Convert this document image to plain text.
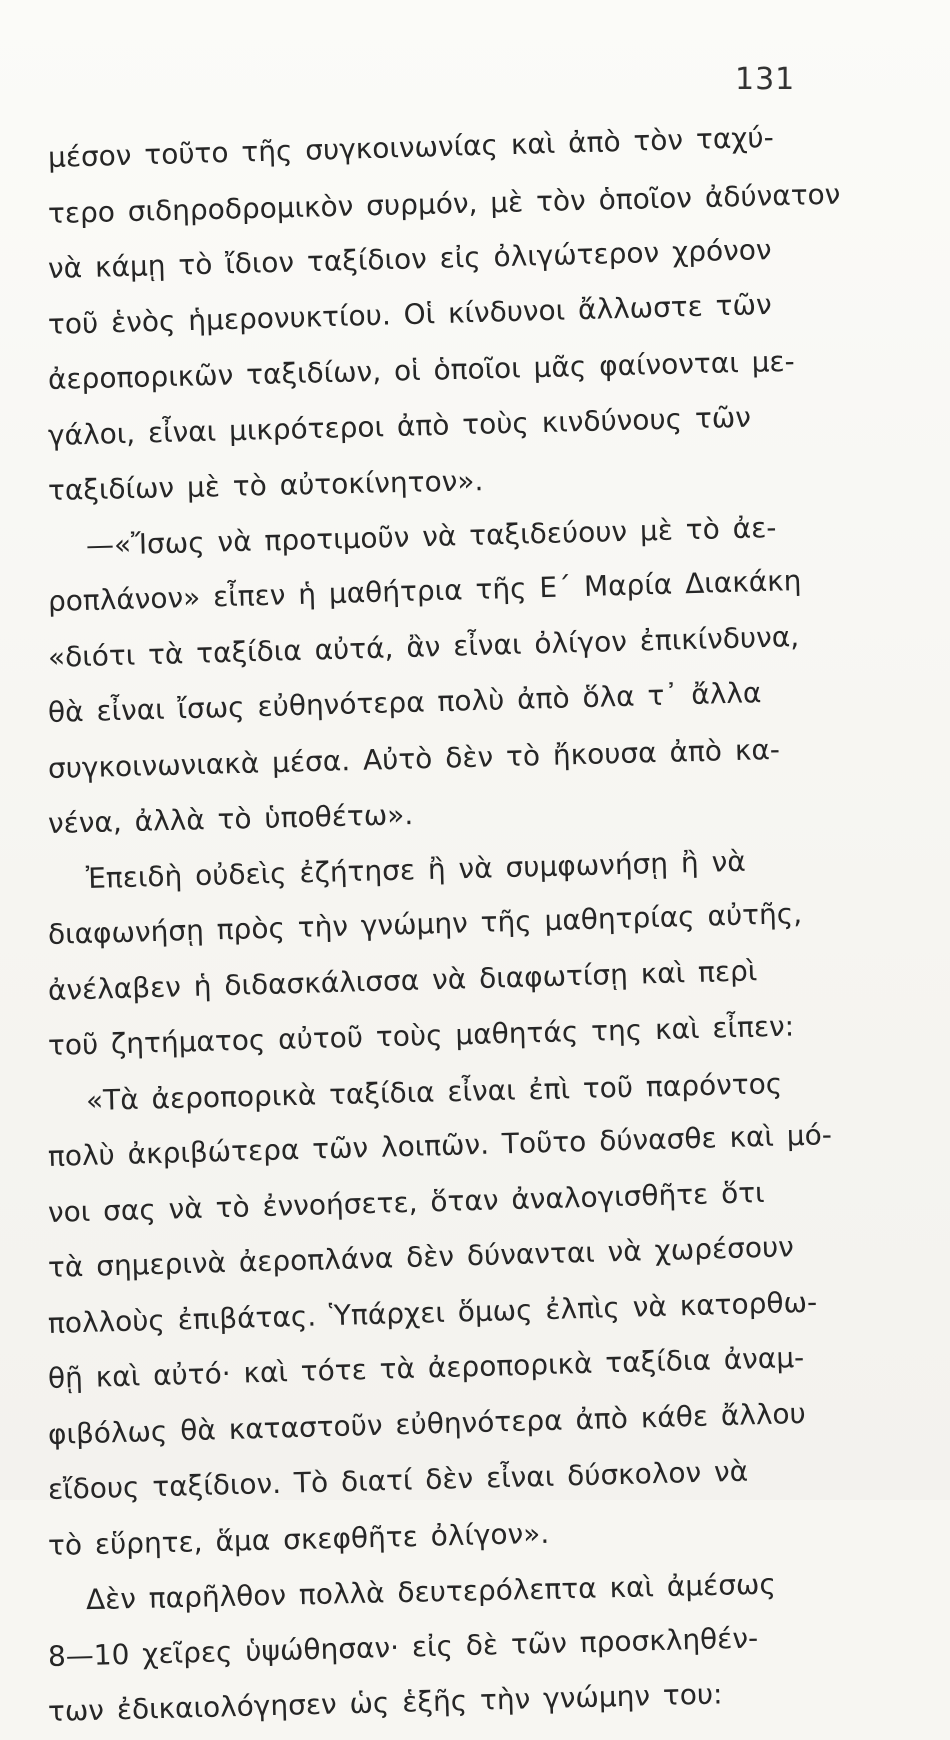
131
μέσον τοῦτο τῆς συγκοινωνίας καὶ ἀπὸ τὸν ταχύ-
τερο σιδηροδρομικὸν συρμόν, μὲ τὸν ὁποῖον ἀδύνατον
νὰ κάμῃ τὸ ἴδιον ταξίδιον εἰς ὀλιγώτερον χρόνον
τοῦ ἑνὸς ἡμερονυκτίου. Οἱ κίνδυνοι ἄλλωστε τῶν
ἀεροπορικῶν ταξιδίων, οἱ ὁποῖοι μᾶς φαίνονται με-
γάλοι, εἶναι μικρότεροι ἀπὸ τοὺς κινδύνους τῶν
ταξιδίων μὲ τὸ αὐτοκίνητον».
—«Ἴσως νὰ προτιμοῦν νὰ ταξιδεύουν μὲ τὸ ἀε-
ροπλάνον» εἶπεν ἡ μαθήτρια τῆς Ε΄ Μαρία Διακάκη
«διότι τὰ ταξίδια αὐτά, ἂν εἶναι ὀλίγον ἐπικίνδυνα,
θὰ εἶναι ἴσως εὐθηνότερα πολὺ ἀπὸ ὅλα τ᾽ ἄλλα
συγκοινωνιακὰ μέσα. Αὐτὸ δὲν τὸ ἤκουσα ἀπὸ κα-
νένα, ἀλλὰ τὸ ὑποθέτω».
Ἐπειδὴ οὐδεὶς ἐζήτησε ἢ νὰ συμφωνήσῃ ἢ νὰ
διαφωνήσῃ πρὸς τὴν γνώμην τῆς μαθητρίας αὐτῆς,
ἀνέλαβεν ἡ διδασκάλισσα νὰ διαφωτίσῃ καὶ περὶ
τοῦ ζητήματος αὐτοῦ τοὺς μαθητάς της καὶ εἶπεν:
«Τὰ ἀεροπορικὰ ταξίδια εἶναι ἐπὶ τοῦ παρόντος
πολὺ ἀκριβώτερα τῶν λοιπῶν. Τοῦτο δύνασθε καὶ μό-
νοι σας νὰ τὸ ἐννοήσετε, ὅταν ἀναλογισθῆτε ὅτι
τὰ σημερινὰ ἀεροπλάνα δὲν δύνανται νὰ χωρέσουν
πολλοὺς ἐπιβάτας. Ὑπάρχει ὅμως ἐλπὶς νὰ κατορθω-
θῇ καὶ αὐτό· καὶ τότε τὰ ἀεροπορικὰ ταξίδια ἀναμ-
φιβόλως θὰ καταστοῦν εὐθηνότερα ἀπὸ κάθε ἄλλου
εἴδους ταξίδιον. Τὸ διατί δὲν εἶναι δύσκολον νὰ
τὸ εὕρητε, ἅμα σκεφθῆτε ὀλίγον».
Δὲν παρῆλθον πολλὰ δευτερόλεπτα καὶ ἀμέσως
8—10 χεῖρες ὑψώθησαν· εἰς δὲ τῶν προσκληθέν-
των ἐδικαιολόγησεν ὡς ἑξῆς τὴν γνώμην του:
